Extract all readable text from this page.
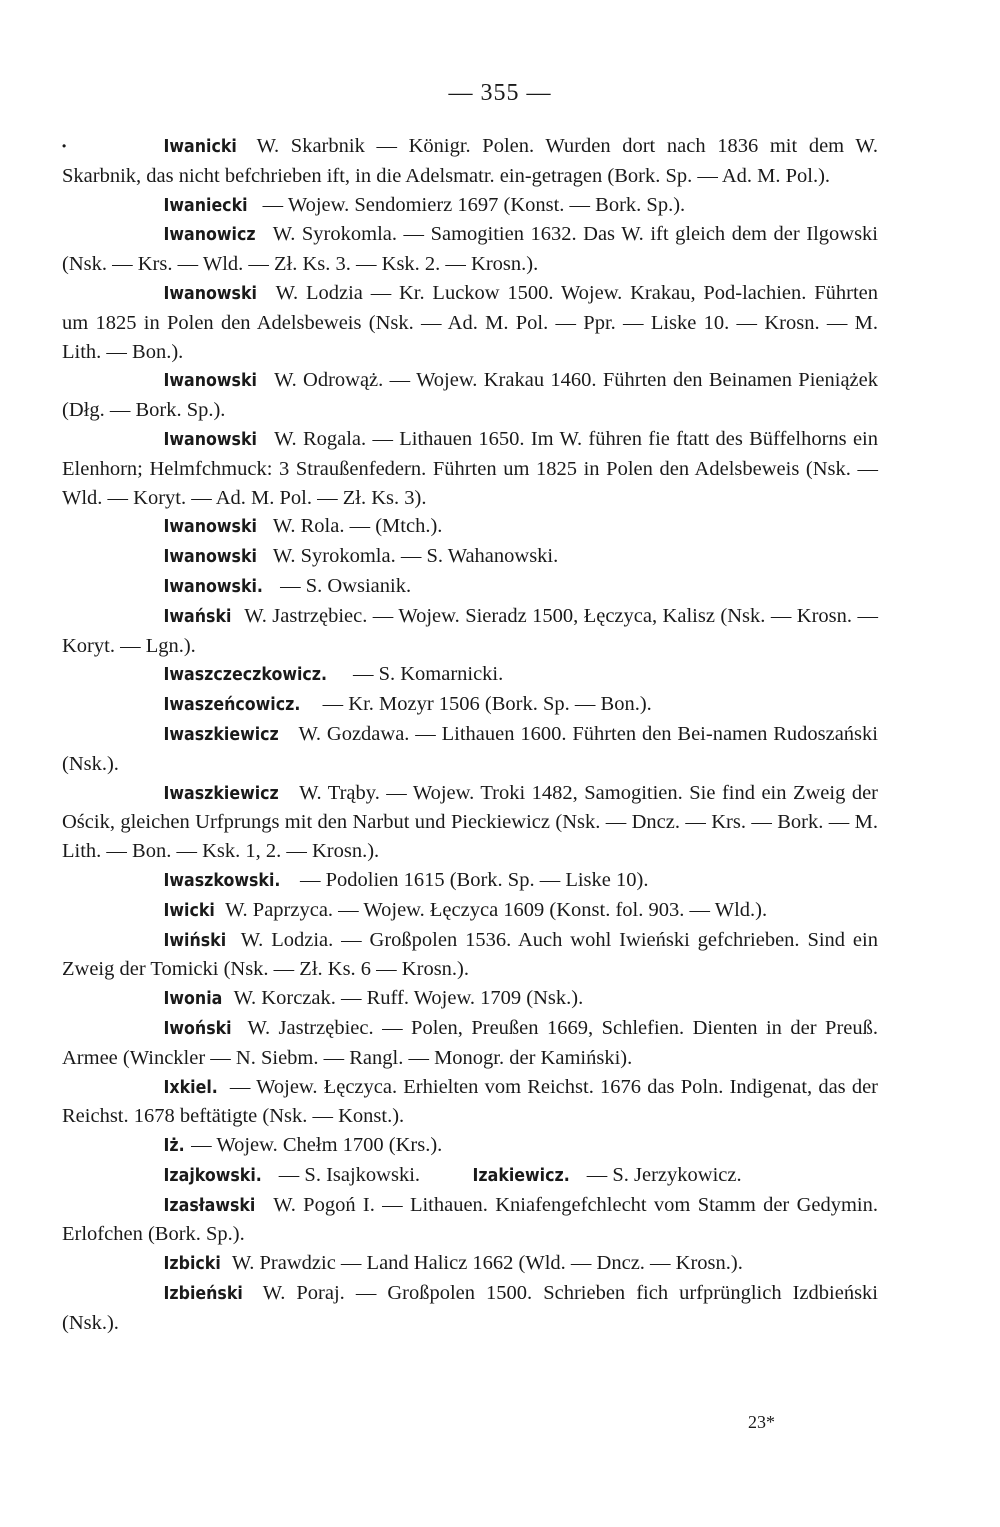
— 355 —

•	Iwanicki W. Skarbnik — Königr. Polen. Wurden dort nach 1836 mit dem W. Skarbnik, das nicht befchrieben ift, in die Adelsmatr. ein-getragen (Bork. Sp. — Ad. M. Pol.).

Iwaniecki — Wojew. Sendomierz 1697 (Konst. — Bork. Sp.).

Iwanowicz W. Syrokomla. — Samogitien 1632. Das W. ift gleich dem der Ilgowski (Nsk. — Krs. — Wld. — Zł. Ks. 3. — Ksk. 2. — Krosn.).

Iwanowski W. Lodzia — Kr. Luckow 1500. Wojew. Krakau, Pod-lachien. Führten um 1825 in Polen den Adelsbeweis (Nsk. — Ad. M. Pol. — Ppr. — Liske 10. — Krosn. — M. Lith. — Bon.).

Iwanowski W. Odrowąż. — Wojew. Krakau 1460. Führten den Beinamen Pieniążek (Dłg. — Bork. Sp.).

Iwanowski W. Rogala. — Lithauen 1650. Im W. führen fie ftatt des Büffelhorns ein Elenhorn; Helmfchmuck: 3 Straußenfedern. Führten um 1825 in Polen den Adelsbeweis (Nsk. — Wld. — Koryt. — Ad. M. Pol. — Zł. Ks. 3).

Iwanowski W. Rola. — (Mtch.).

Iwanowski W. Syrokomla. — S. Wahanowski.

Iwanowski. — S. Owsianik.

Iwański W. Jastrzębiec. — Wojew. Sieradz 1500, Łęczyca, Kalisz (Nsk. — Krosn. — Koryt. — Lgn.).

Iwaszczeczkowicz. — S. Komarnicki.

Iwaszeńcowicz. — Kr. Mozyr 1506 (Bork. Sp. — Bon.).

Iwaszkiewicz W. Gozdawa. — Lithauen 1600. Führten den Bei-namen Rudoszański (Nsk.).

Iwaszkiewicz W. Trąby. — Wojew. Troki 1482, Samogitien. Sie find ein Zweig der Ościk, gleichen Urfprungs mit den Narbut und Pieckiewicz (Nsk. — Dncz. — Krs. — Bork. — M. Lith. — Bon. — Ksk. 1, 2. — Krosn.).

Iwaszkowski. — Podolien 1615 (Bork. Sp. — Liske 10).

Iwicki W. Paprzyca. — Wojew. Łęczyca 1609 (Konst. fol. 903. — Wld.).

Iwiński W. Lodzia. — Großpolen 1536. Auch wohl Iwieński gefchrieben. Sind ein Zweig der Tomicki (Nsk. — Zł. Ks. 6 — Krosn.).

Iwonia W. Korczak. — Ruff. Wojew. 1709 (Nsk.).

Iwoński W. Jastrzębiec. — Polen, Preußen 1669, Schlefien. Dienten in der Preuß. Armee (Winckler — N. Siebm. — Rangl. — Monogr. der Kamiński).

Ixkiel. — Wojew. Łęczyca. Erhielten vom Reichst. 1676 das Poln. Indigenat, das der Reichst. 1678 beftätigte (Nsk. — Konst.).

Iż. — Wojew. Chełm 1700 (Krs.).

Izajkowski. — S. Isajkowski.	Izakiewicz. — S. Jerzykowicz.

Izasławski W. Pogoń I. — Lithauen. Kniafengefchlecht vom Stamm der Gedymin. Erlofchen (Bork. Sp.).

Izbicki W. Prawdzic — Land Halicz 1662 (Wld. — Dncz. — Krosn.).

Izbieński W. Poraj. — Großpolen 1500. Schrieben fich urfprünglich Izdbieński (Nsk.).

23*
